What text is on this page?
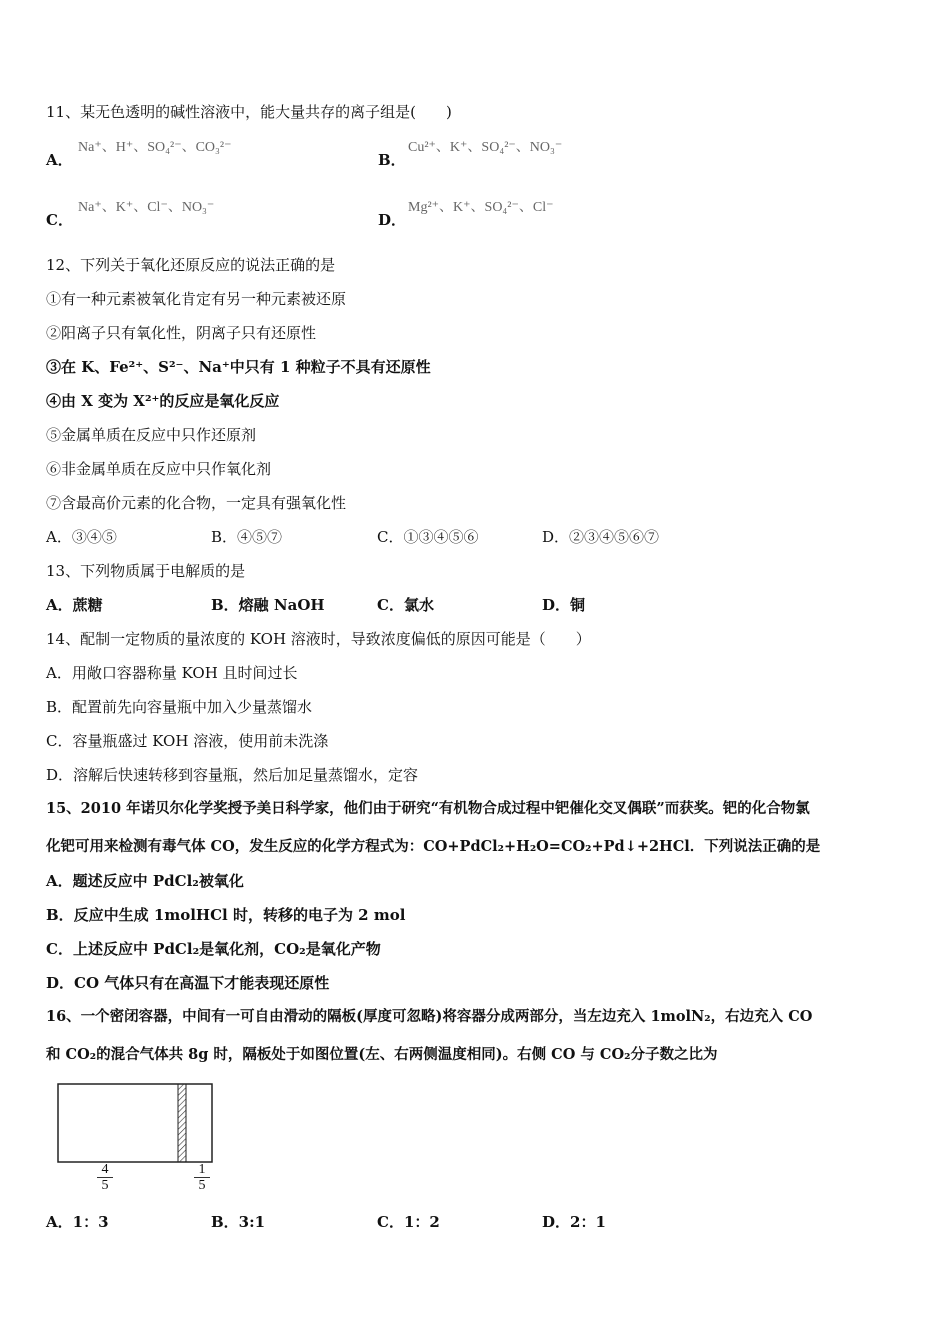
11、某无色透明的碱性溶液中，能大量共存的离子组是(　　)
A．
Na⁺、H⁺、SO₄²⁻、CO₃²⁻
B．
Cu²⁺、K⁺、SO₄²⁻、NO₃⁻
C．
Na⁺、K⁺、Cl⁻、NO₃⁻
D．
Mg²⁺、K⁺、SO₄²⁻、Cl⁻
12、下列关于氧化还原反应的说法正确的是
①有一种元素被氧化肯定有另一种元素被还原
②阳离子只有氧化性，阴离子只有还原性
③在 K、Fe²⁺、S²⁻、Na⁺中只有 1 种粒子不具有还原性
④由 X 变为 X²⁺的反应是氧化反应
⑤金属单质在反应中只作还原剂
⑥非金属单质在反应中只作氧化剂
⑦含最高价元素的化合物，一定具有强氧化性
A．③④⑤	B．④⑤⑦	C．①③④⑤⑥	D．②③④⑤⑥⑦
13、下列物质属于电解质的是
A．蔗糖	B．熔融 NaOH	C．氯水	D．铜
14、配制一定物质的量浓度的 KOH 溶液时，导致浓度偏低的原因可能是（　　）
A．用敞口容器称量 KOH 且时间过长
B．配置前先向容量瓶中加入少量蒸馏水
C．容量瓶盛过 KOH 溶液，使用前未洗涤
D．溶解后快速转移到容量瓶，然后加足量蒸馏水，定容
15、2010 年诺贝尔化学奖授予美日科学家，他们由于研究“有机物合成过程中钯催化交叉偶联”而获奖。钯的化合物氯
化钯可用来检测有毒气体 CO，发生反应的化学方程式为：CO+PdCl₂+H₂O=CO₂+Pd↓+2HCl．下列说法正确的是
A．题述反应中 PdCl₂被氧化
B．反应中生成 1molHCl 时，转移的电子为 2 mol
C．上述反应中 PdCl₂是氧化剂，CO₂是氧化产物
D．CO 气体只有在高温下才能表现还原性
16、一个密闭容器，中间有一可自由滑动的隔板(厚度可忽略)将容器分成两部分，当左边充入 1molN₂，右边充入 CO
和 CO₂的混合气体共 8g 时，隔板处于如图位置(左、右两侧温度相同)。右侧 CO 与 CO₂分子数之比为
$\frac{4}{5}$	$\frac{1}{5}$
A．1：3	B．3:1	C．1：2	D．2：1
